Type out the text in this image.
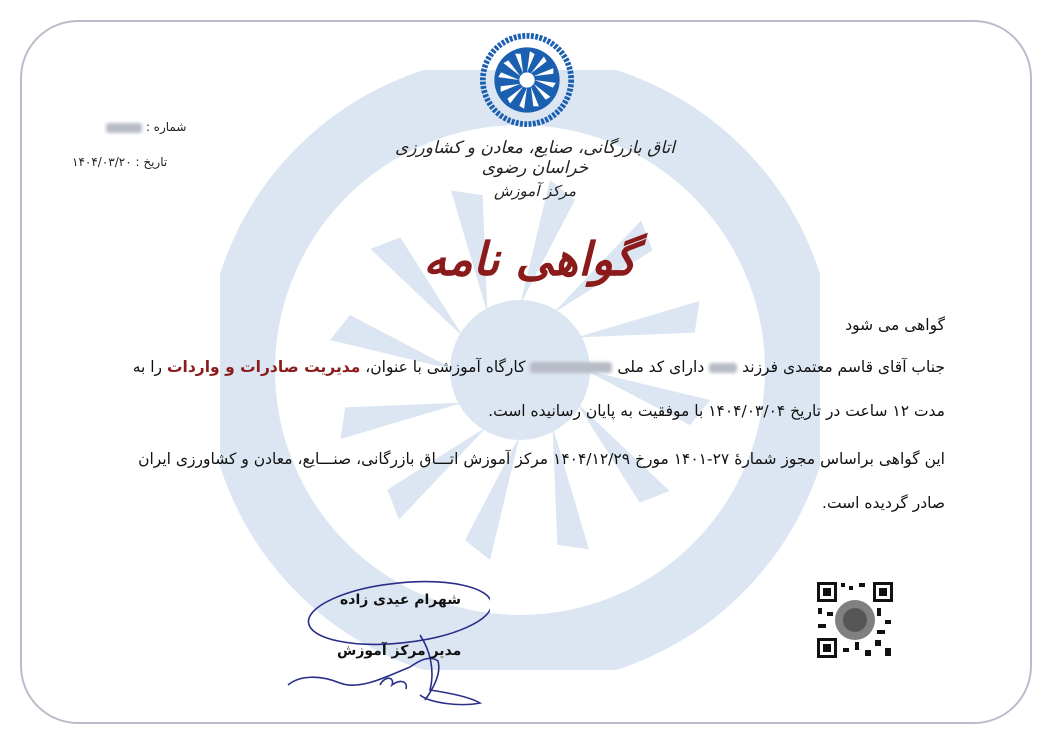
شماره :
تاریخ : ۱۴۰۴/۰۳/۲۰
اتاق بازرگانی، صنایع، معادن و کشاورزی خراسان رضوی
مرکز آموزش
گواهی نامه
گواهی می شود
جناب آقای قاسم معتمدی فرزند  دارای کد ملی  کارگاه آموزشی با عنوان، مدیریت صادرات و واردات را به
مدت ۱۲ ساعت در تاریخ ۱۴۰۴/۰۳/۰۴ با موفقیت به پایان رسانیده است.
این گواهی براساس مجوز شمارۀ ۲۷-۱۴۰۱ مورخ ۱۴۰۴/۱۲/۲۹ مرکز آموزش اتـــاق بازرگانی، صنـــایع، معادن و کشاورزی ایران
صادر گردیده است.
شهرام عیدی زاده
مدیر مرکز آموزش
